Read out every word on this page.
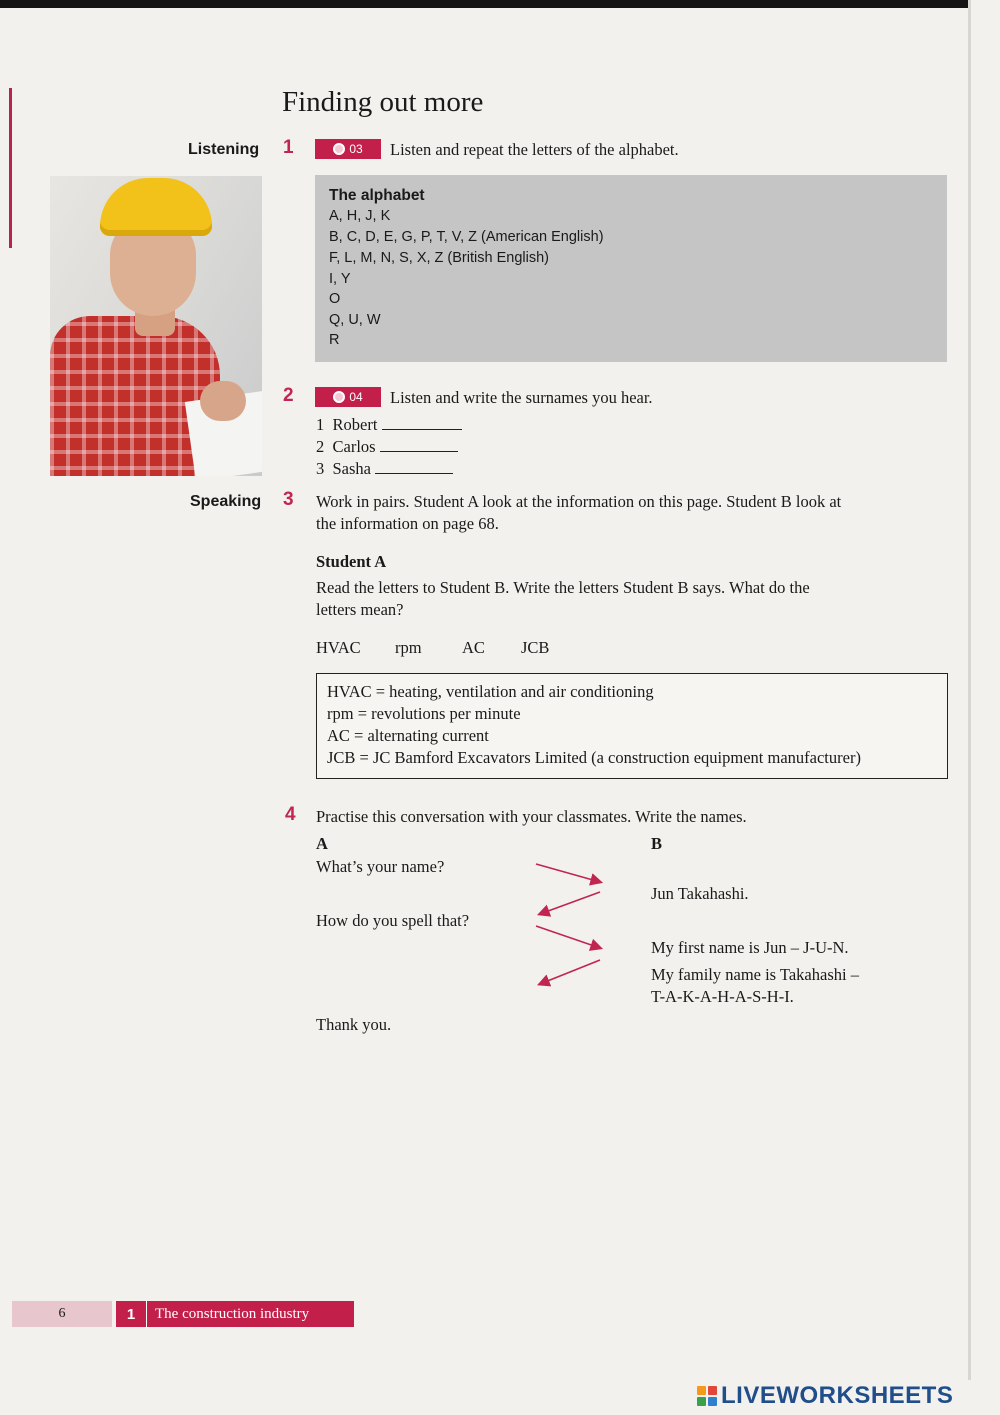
Finding out more
Listening 1	03 Listen and repeat the letters of the alphabet.
The alphabet
A, H, J, K
B, C, D, E, G, P, T, V, Z (American English)
F, L, M, N, S, X, Z (British English)
I, Y
O
Q, U, W
R
2	04 Listen and write the surnames you hear.
1 Robert
2 Carlos
3 Sasha
Speaking 3 Work in pairs. Student A look at the information on this page. Student B look at
the information on page 68.
Student A
Read the letters to Student B. Write the letters Student B says. What do the
letters mean?
HVAC rpm AC JCB
HVAC = heating, ventilation and air conditioning
rpm = revolutions per minute
AC = alternating current
JCB = JC Bamford Excavators Limited (a construction equipment manufacturer)
4 Practise this conversation with your classmates. Write the names.
A	B
What’s your name?
Jun Takahashi.
How do you spell that?
My first name is Jun – J-U-N.
My family name is Takahashi –
T-A-K-A-H-A-S-H-I.
Thank you.
6	1	The construction industry
LIVEWORKSHEETS
